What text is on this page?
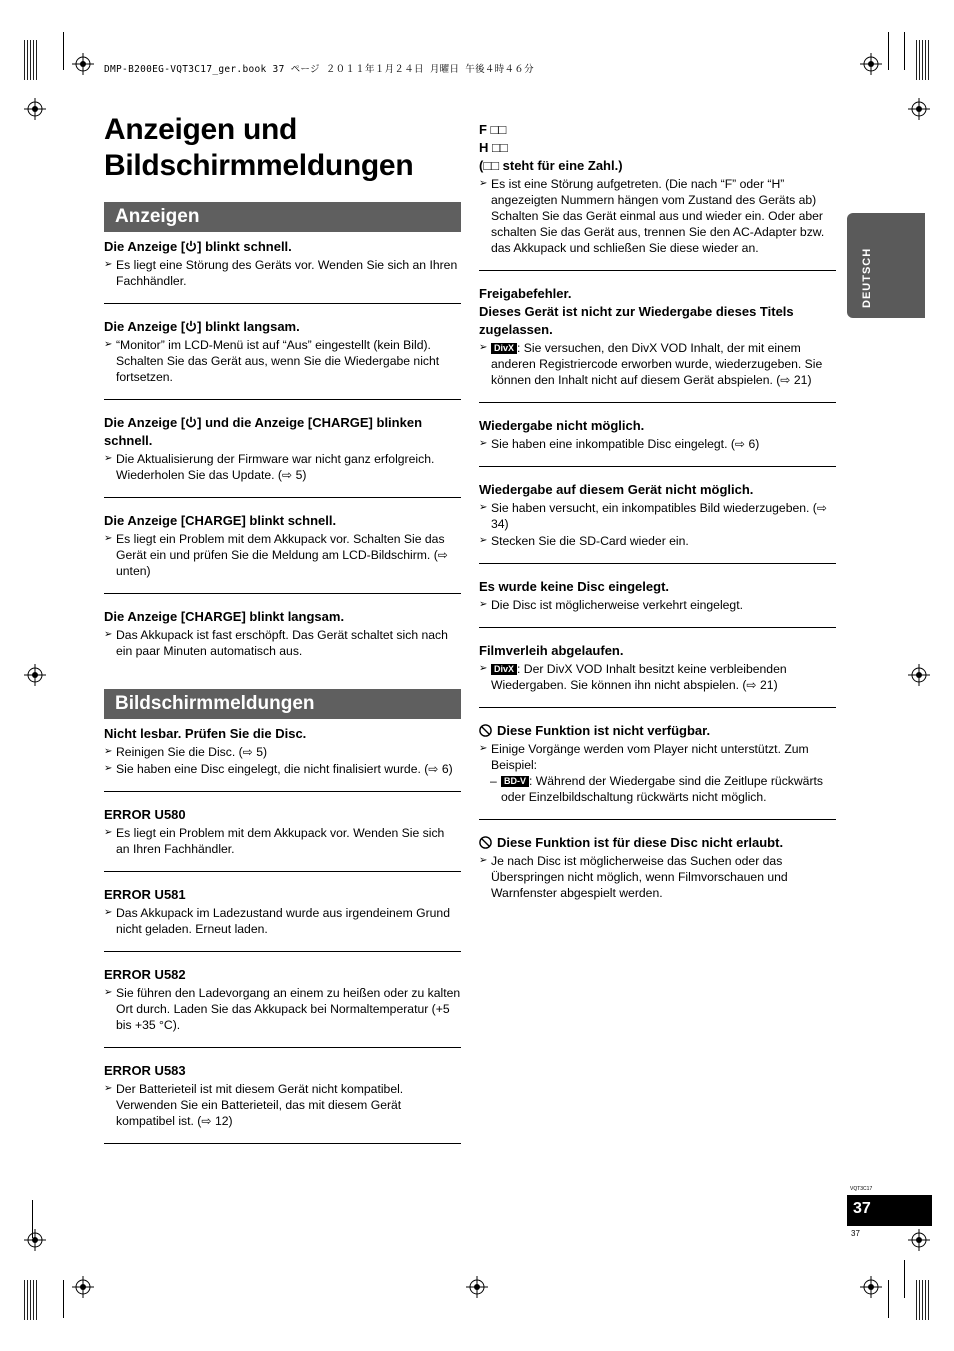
DMP-B200EG-VQT3C17_ger.book 37 ページ ２０１１年１月２４日 月曜日 午後４時４６分
Anzeigen und
Bildschirmmeldungen
DEUTSCH
Anzeigen
Die Anzeige [ ] blinkt schnell.
➢ Es liegt eine Störung des Geräts vor. Wenden Sie sich an Ihren Fachhändler.
Die Anzeige [ ] blinkt langsam.
➢ “Monitor” im LCD-Menü ist auf “Aus” eingestellt (kein Bild). Schalten Sie das Gerät aus, wenn Sie die Wiedergabe nicht fortsetzen.
Die Anzeige [ ] und die Anzeige [CHARGE] blinken schnell.
➢ Die Aktualisierung der Firmware war nicht ganz erfolgreich. Wiederholen Sie das Update. (⇨ 5)
Die Anzeige [CHARGE] blinkt schnell.
➢ Es liegt ein Problem mit dem Akkupack vor. Schalten Sie das Gerät ein und prüfen Sie die Meldung am LCD-Bildschirm. (⇨ unten)
Die Anzeige [CHARGE] blinkt langsam.
➢ Das Akkupack ist fast erschöpft. Das Gerät schaltet sich nach ein paar Minuten automatisch aus.
Bildschirmmeldungen
Nicht lesbar. Prüfen Sie die Disc.
➢ Reinigen Sie die Disc. (⇨ 5)
➢ Sie haben eine Disc eingelegt, die nicht finalisiert wurde. (⇨ 6)
ERROR U580
➢ Es liegt ein Problem mit dem Akkupack vor. Wenden Sie sich an Ihren Fachhändler.
ERROR U581
➢ Das Akkupack im Ladezustand wurde aus irgendeinem Grund nicht geladen. Erneut laden.
ERROR U582
➢ Sie führen den Ladevorgang an einem zu heißen oder zu kalten Ort durch. Laden Sie das Akkupack bei Normaltemperatur (+5 bis +35 °C).
ERROR U583
➢ Der Batterieteil ist mit diesem Gerät nicht kompatibel. Verwenden Sie ein Batterieteil, das mit diesem Gerät kompatibel ist. (⇨ 12)
F □□
H □□
(□□ steht für eine Zahl.)
➢ Es ist eine Störung aufgetreten. (Die nach “F” oder “H” angezeigten Nummern hängen vom Zustand des Geräts ab) Schalten Sie das Gerät einmal aus und wieder ein. Oder aber schalten Sie das Gerät aus, trennen Sie den AC-Adapter bzw. das Akkupack und schließen Sie diese wieder an.
Freigabefehler.
Dieses Gerät ist nicht zur Wiedergabe dieses Titels zugelassen.
➢ DivX : Sie versuchen, den DivX VOD Inhalt, der mit einem anderen Registriercode erworben wurde, wiederzugeben. Sie können den Inhalt nicht auf diesem Gerät abspielen. (⇨ 21)
Wiedergabe nicht möglich.
➢ Sie haben eine inkompatible Disc eingelegt. (⇨ 6)
Wiedergabe auf diesem Gerät nicht möglich.
➢ Sie haben versucht, ein inkompatibles Bild wiederzugeben. (⇨ 34)
➢ Stecken Sie die SD-Card wieder ein.
Es wurde keine Disc eingelegt.
➢ Die Disc ist möglicherweise verkehrt eingelegt.
Filmverleih abgelaufen.
➢ DivX : Der DivX VOD Inhalt besitzt keine verbleibenden Wiedergaben. Sie können ihn nicht abspielen. (⇨ 21)
Diese Funktion ist nicht verfügbar.
➢ Einige Vorgänge werden vom Player nicht unterstützt. Zum Beispiel:
– BD-V : Während der Wiedergabe sind die Zeitlupe rückwärts oder Einzelbildschaltung rückwärts nicht möglich.
Diese Funktion ist für diese Disc nicht erlaubt.
➢ Je nach Disc ist möglicherweise das Suchen oder das Überspringen nicht möglich, wenn Filmvorschauen und Warnfenster abgespielt werden.
VQT3C17
37
37
